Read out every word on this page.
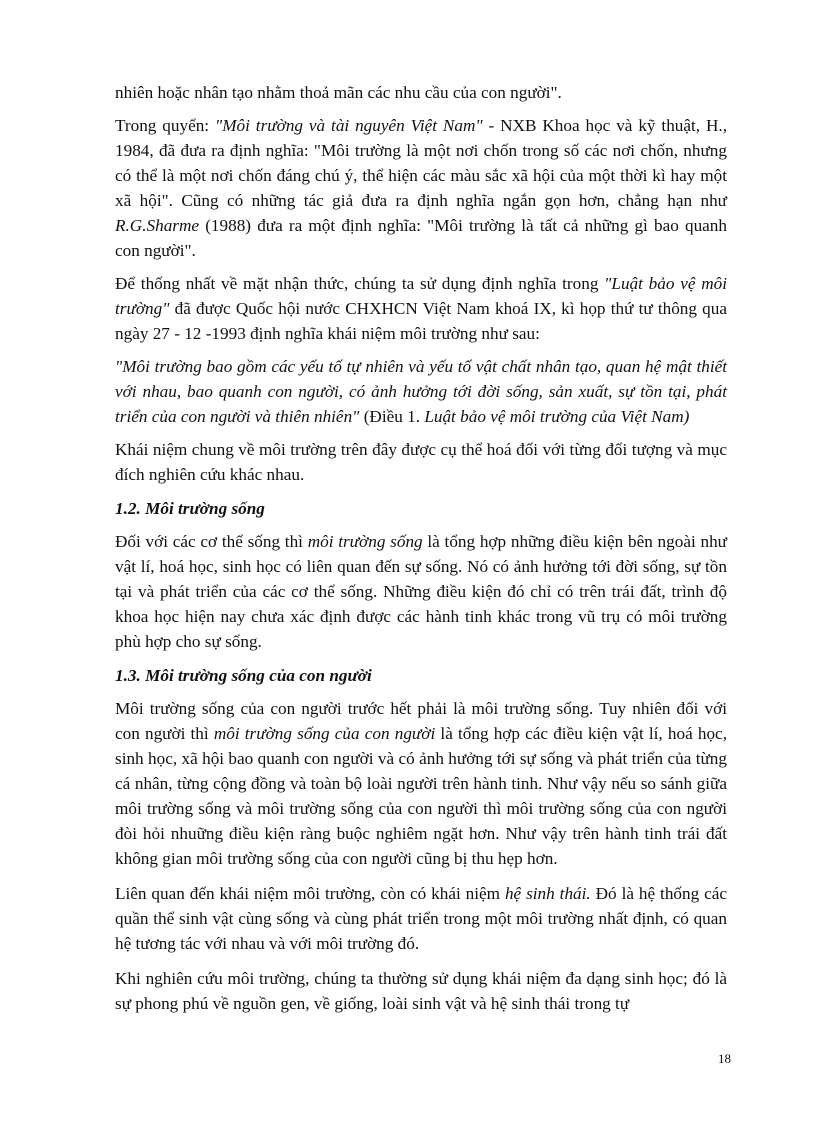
nhiên hoặc nhân tạo nhằm thoả mãn các nhu cầu của con người".

Trong quyển: "Môi trường và tài nguyên Việt Nam" - NXB Khoa học và kỹ thuật, H., 1984, đã đưa ra định nghĩa: "Môi trường là một nơi chốn trong số các nơi chốn, nhưng có thể là một nơi chốn đáng chú ý, thể hiện các màu sắc xã hội của một thời kì hay một xã hội". Cũng có những tác giả đưa ra định nghĩa ngắn gọn hơn, chẳng hạn như R.G.Sharme (1988) đưa ra một định nghĩa: "Môi trường là tất cả những gì bao quanh con người".

Để thống nhất về mặt nhận thức, chúng ta sử dụng định nghĩa trong "Luật bảo vệ môi trường" đã được Quốc hội nước CHXHCN Việt Nam khoá IX, kì họp thứ tư thông qua ngày 27 - 12 -1993 định nghĩa khái niệm môi trường như sau:

"Môi trường bao gồm các yếu tố tự nhiên và yếu tố vật chất nhân tạo, quan hệ mật thiết với nhau, bao quanh con người, có ảnh hưởng tới đời sống, sản xuất, sự tồn tại, phát triển của con người và thiên nhiên" (Điều 1. Luật bảo vệ môi trường của Việt Nam)

Khái niệm chung về môi trường trên đây được cụ thể hoá đối với từng đối tượng và mục đích nghiên cứu khác nhau.

1.2. Môi trường sống

Đối với các cơ thể sống thì môi trường sống là tổng hợp những điều kiện bên ngoài như vật lí, hoá học, sinh học có liên quan đến sự sống. Nó có ảnh hưởng tới đời sống, sự tồn tại và phát triển của các cơ thể sống. Những điều kiện đó chỉ có trên trái đất, trình độ khoa học hiện nay chưa xác định được các hành tinh khác trong vũ trụ có môi trường phù hợp cho sự sống.

1.3. Môi trường sống của con người

Môi trường sống của con người trước hết phải là môi trường sống. Tuy nhiên đối với con người thì môi trường sống của con người là tổng hợp các điều kiện vật lí, hoá học, sinh học, xã hội bao quanh con người và có ảnh hưởng tới sự sống và phát triển của từng cá nhân, từng cộng đồng và toàn bộ loài người trên hành tinh. Như vậy nếu so sánh giữa môi trường sống và môi trường sống của con người thì môi trường sống của con người đòi hỏi nhuững điều kiện ràng buộc nghiêm ngặt hơn. Như vậy trên hành tinh trái đất không gian môi trường sống của con người cũng bị thu hẹp hơn.

Liên quan đến khái niệm môi trường, còn có khái niệm hệ sinh thái. Đó là hệ thống các quần thể sinh vật cùng sống và cùng phát triển trong một môi trường nhất định, có quan hệ tương tác với nhau và với môi trường đó.

Khi nghiên cứu môi trường, chúng ta thường sử dụng khái niệm đa dạng sinh học; đó là sự phong phú về nguồn gen, về giống, loài sinh vật và hệ sinh thái trong tự

18
